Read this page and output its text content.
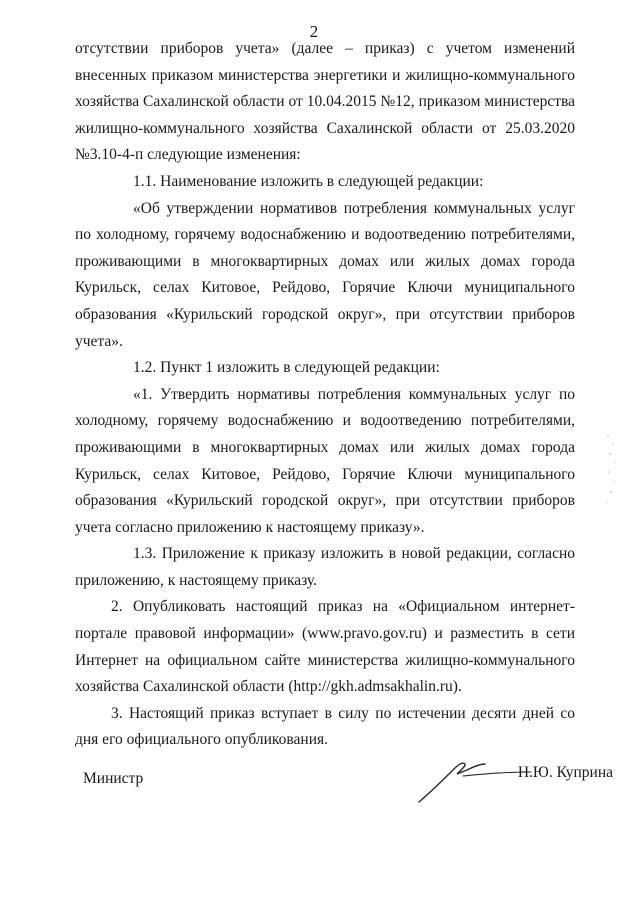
2

отсутствии приборов учета» (далее – приказ) с учетом изменений внесенных приказом министерства энергетики и жилищно-коммунального хозяйства Сахалинской области от 10.04.2015 №12, приказом министерства жилищно-коммунального хозяйства Сахалинской области от 25.03.2020 №3.10-4-п следующие изменения:

1.1. Наименование изложить в следующей редакции:

«Об утверждении нормативов потребления коммунальных услуг по холодному, горячему водоснабжению и водоотведению потребителями, проживающими в многоквартирных домах или жилых домах города Курильск, селах Китовое, Рейдово, Горячие Ключи муниципального образования «Курильский городской округ», при отсутствии приборов учета».

1.2. Пункт 1 изложить в следующей редакции:

«1. Утвердить нормативы потребления коммунальных услуг по холодному, горячему водоснабжению и водоотведению потребителями, проживающими в многоквартирных домах или жилых домах города Курильск, селах Китовое, Рейдово, Горячие Ключи муниципального образования «Курильский городской округ», при отсутствии приборов учета согласно приложению к настоящему приказу».

1.3. Приложение к приказу изложить в новой редакции, согласно приложению, к настоящему приказу.

2. Опубликовать настоящий приказ на «Официальном интернет-портале правовой информации» (www.pravo.gov.ru) и разместить в сети Интернет на официальном сайте министерства жилищно-коммунального хозяйства Сахалинской области (http://gkh.admsakhalin.ru).

3. Настоящий приказ вступает в силу по истечении десяти дней со дня его официального опубликования.

Министр	Н.Ю. Куприна
